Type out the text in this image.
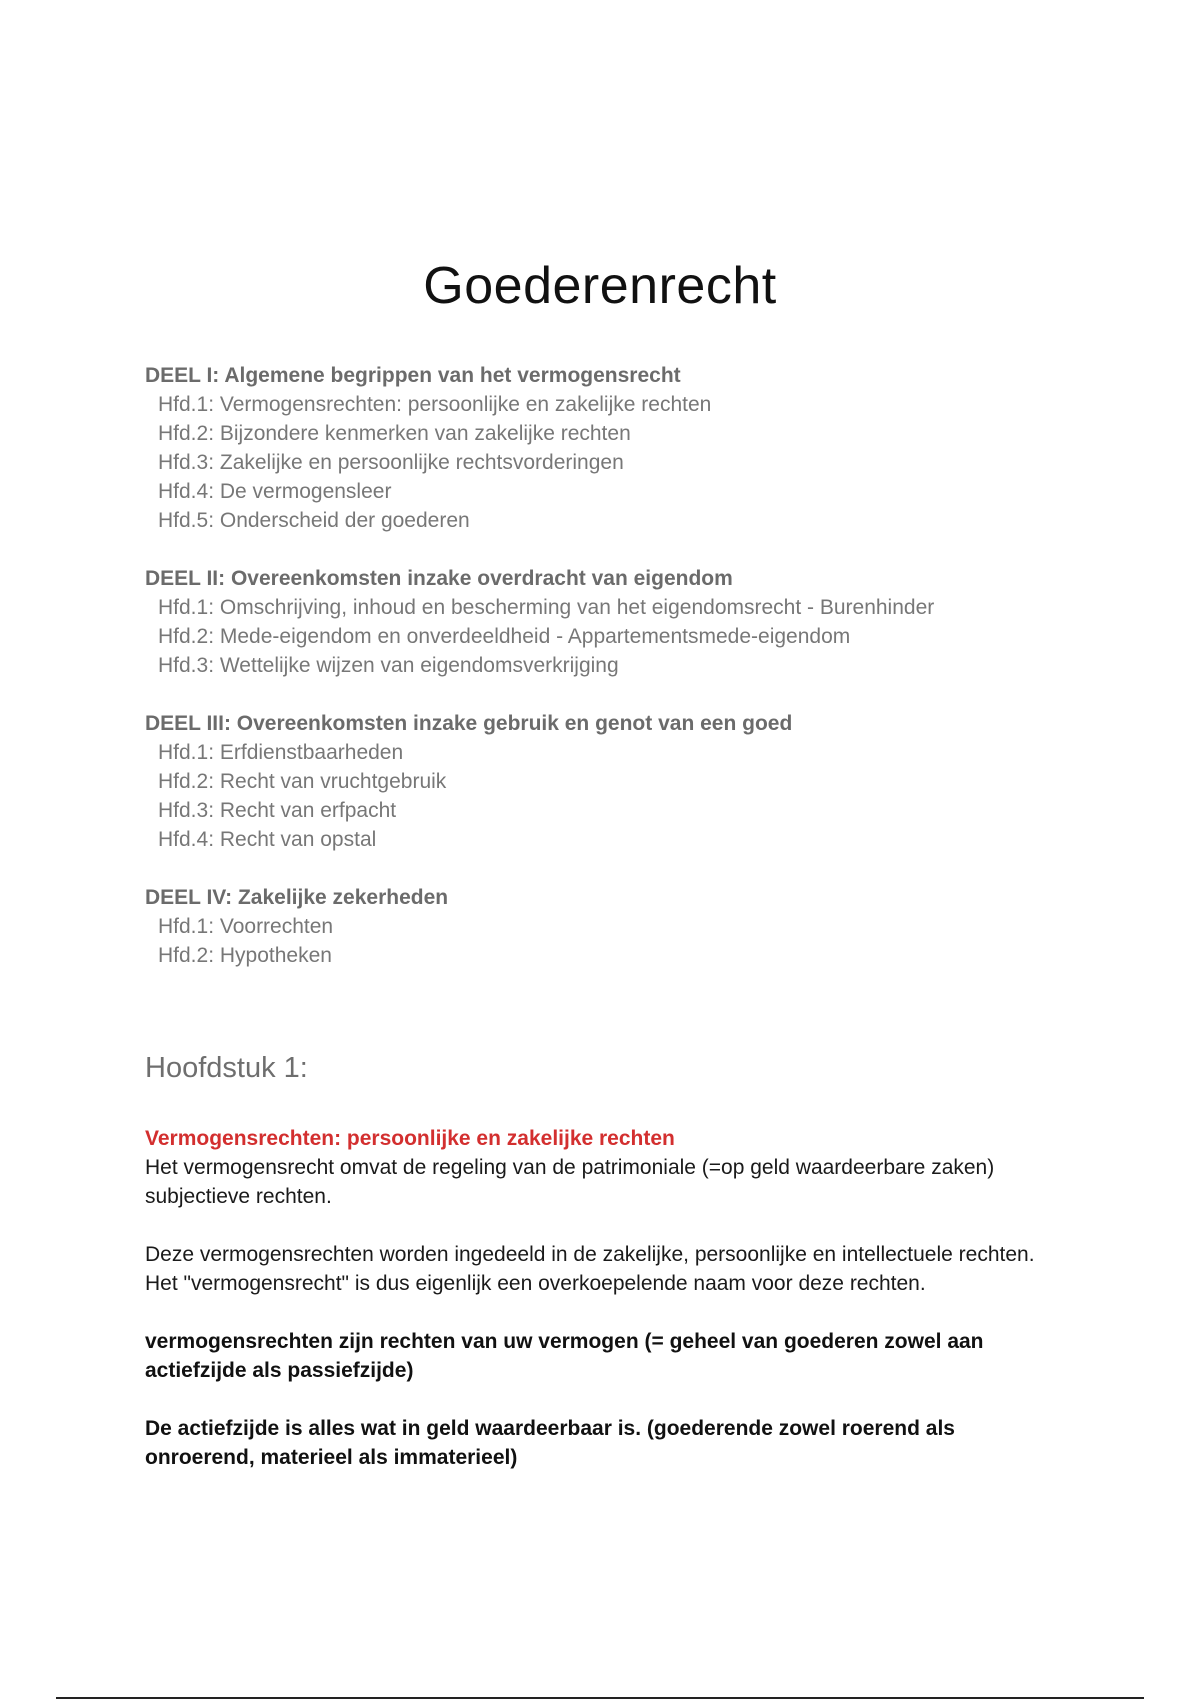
Goederenrecht

DEEL I: Algemene begrippen van het vermogensrecht

Hfd.1: Vermogensrechten: persoonlijke en zakelijke rechten

Hfd.2: Bijzondere kenmerken van zakelijke rechten

Hfd.3: Zakelijke en persoonlijke rechtsvorderingen

Hfd.4: De vermogensleer

Hfd.5: Onderscheid der goederen

DEEL II: Overeenkomsten inzake overdracht van eigendom

Hfd.1: Omschrijving, inhoud en bescherming van het eigendomsrecht - Burenhinder

Hfd.2: Mede-eigendom en onverdeeldheid - Appartementsmede-eigendom

Hfd.3: Wettelijke wijzen van eigendomsverkrijging

DEEL III: Overeenkomsten inzake gebruik en genot van een goed

Hfd.1: Erfdienstbaarheden

Hfd.2: Recht van vruchtgebruik

Hfd.3: Recht van erfpacht

Hfd.4: Recht van opstal

DEEL IV: Zakelijke zekerheden

Hfd.1: Voorrechten

Hfd.2: Hypotheken

Hoofdstuk 1:

Vermogensrechten: persoonlijke en zakelijke rechten

Het vermogensrecht omvat de regeling van de patrimoniale (=op geld waardeerbare zaken) subjectieve rechten.

Deze vermogensrechten worden ingedeeld in de zakelijke, persoonlijke en intellectuele rechten. Het "vermogensrecht" is dus eigenlijk een overkoepelende naam voor deze rechten.

vermogensrechten zijn rechten van uw vermogen (= geheel van goederen zowel aan actiefzijde als passiefzijde)

De actiefzijde is alles wat in geld waardeerbaar is. (goederende zowel roerend als onroerend, materieel als immaterieel)
